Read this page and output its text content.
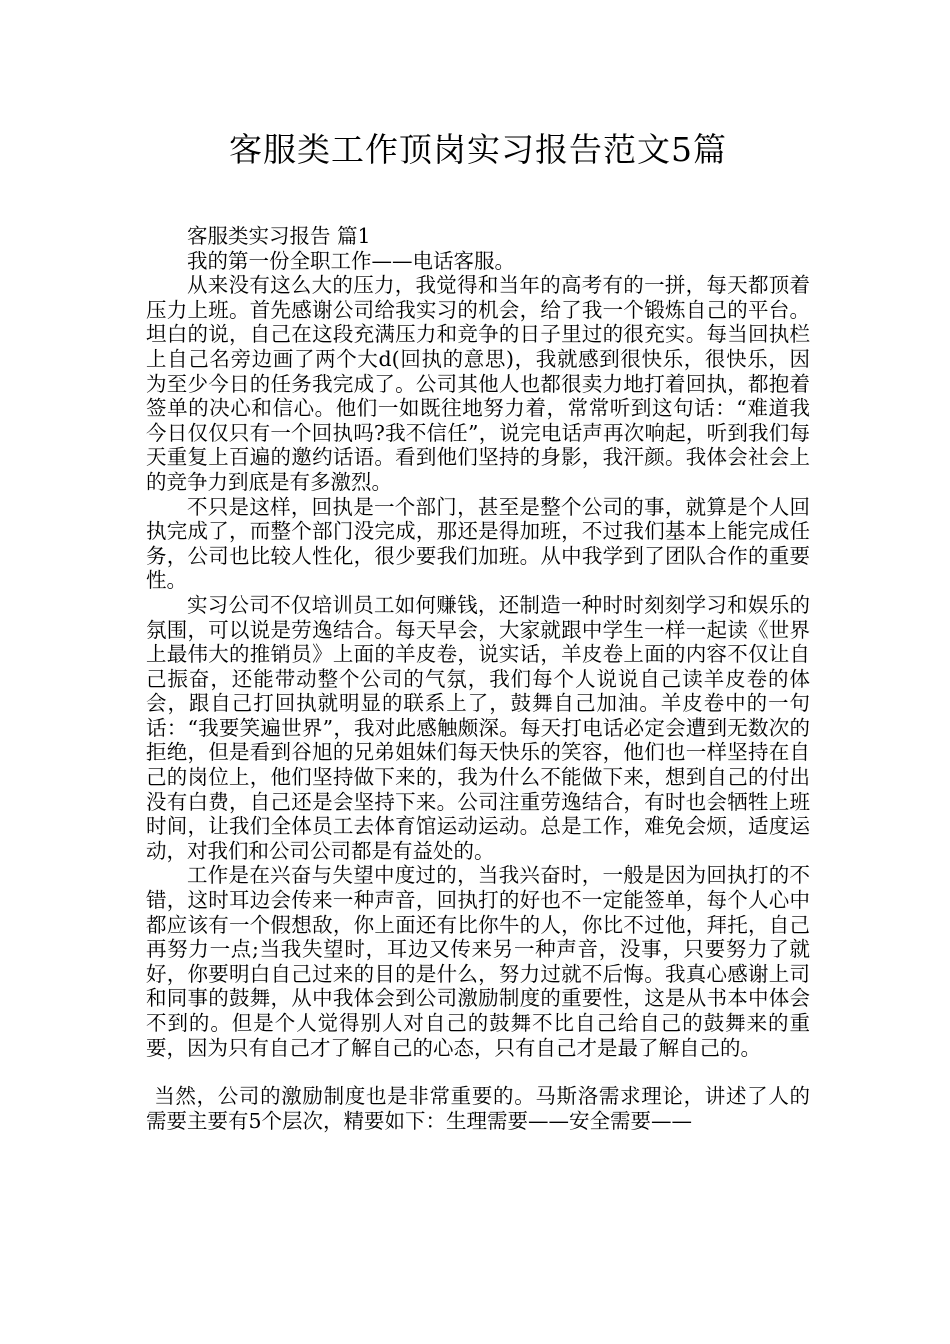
客服类工作顶岗实习报告范文5篇

客服类实习报告 篇1

我的第一份全职工作——电话客服。

从来没有这么大的压力，我觉得和当年的高考有的一拼，每天都顶着压力上班。首先感谢公司给我实习的机会，给了我一个锻炼自己的平台。坦白的说，自己在这段充满压力和竞争的日子里过的很充实。每当回执栏上自己名旁边画了两个大d(回执的意思)，我就感到很快乐，很快乐，因为至少今日的任务我完成了。公司其他人也都很卖力地打着回执，都抱着签单的决心和信心。他们一如既往地努力着，常常听到这句话：“难道我今日仅仅只有一个回执吗?我不信任”，说完电话声再次响起，听到我们每天重复上百遍的邀约话语。看到他们坚持的身影，我汗颜。我体会社会上的竞争力到底是有多激烈。

不只是这样，回执是一个部门，甚至是整个公司的事，就算是个人回执完成了，而整个部门没完成，那还是得加班，不过我们基本上能完成任务，公司也比较人性化，很少要我们加班。从中我学到了团队合作的重要性。

实习公司不仅培训员工如何赚钱，还制造一种时时刻刻学习和娱乐的氛围，可以说是劳逸结合。每天早会，大家就跟中学生一样一起读《世界上最伟大的推销员》上面的羊皮卷，说实话，羊皮卷上面的内容不仅让自己振奋，还能带动整个公司的气氛，我们每个人说说自己读羊皮卷的体会，跟自己打回执就明显的联系上了，鼓舞自己加油。羊皮卷中的一句话：“我要笑遍世界”，我对此感触颇深。每天打电话必定会遭到无数次的拒绝，但是看到谷旭的兄弟姐妹们每天快乐的笑容，他们也一样坚持在自己的岗位上，他们坚持做下来的，我为什么不能做下来，想到自己的付出没有白费，自己还是会坚持下来。公司注重劳逸结合，有时也会牺牲上班时间，让我们全体员工去体育馆运动运动。总是工作，难免会烦，适度运动，对我们和公司公司都是有益处的。

工作是在兴奋与失望中度过的，当我兴奋时，一般是因为回执打的不错，这时耳边会传来一种声音，回执打的好也不一定能签单，每个人心中都应该有一个假想敌，你上面还有比你牛的人，你比不过他，拜托，自己再努力一点;当我失望时，耳边又传来另一种声音，没事，只要努力了就好，你要明白自己过来的目的是什么，努力过就不后悔。我真心感谢上司和同事的鼓舞，从中我体会到公司激励制度的重要性，这是从书本中体会不到的。但是个人觉得别人对自己的鼓舞不比自己给自己的鼓舞来的重要，因为只有自己才了解自己的心态，只有自己才是最了解自己的。

当然，公司的激励制度也是非常重要的。马斯洛需求理论，讲述了人的需要主要有5个层次，精要如下：生理需要——安全需要——
